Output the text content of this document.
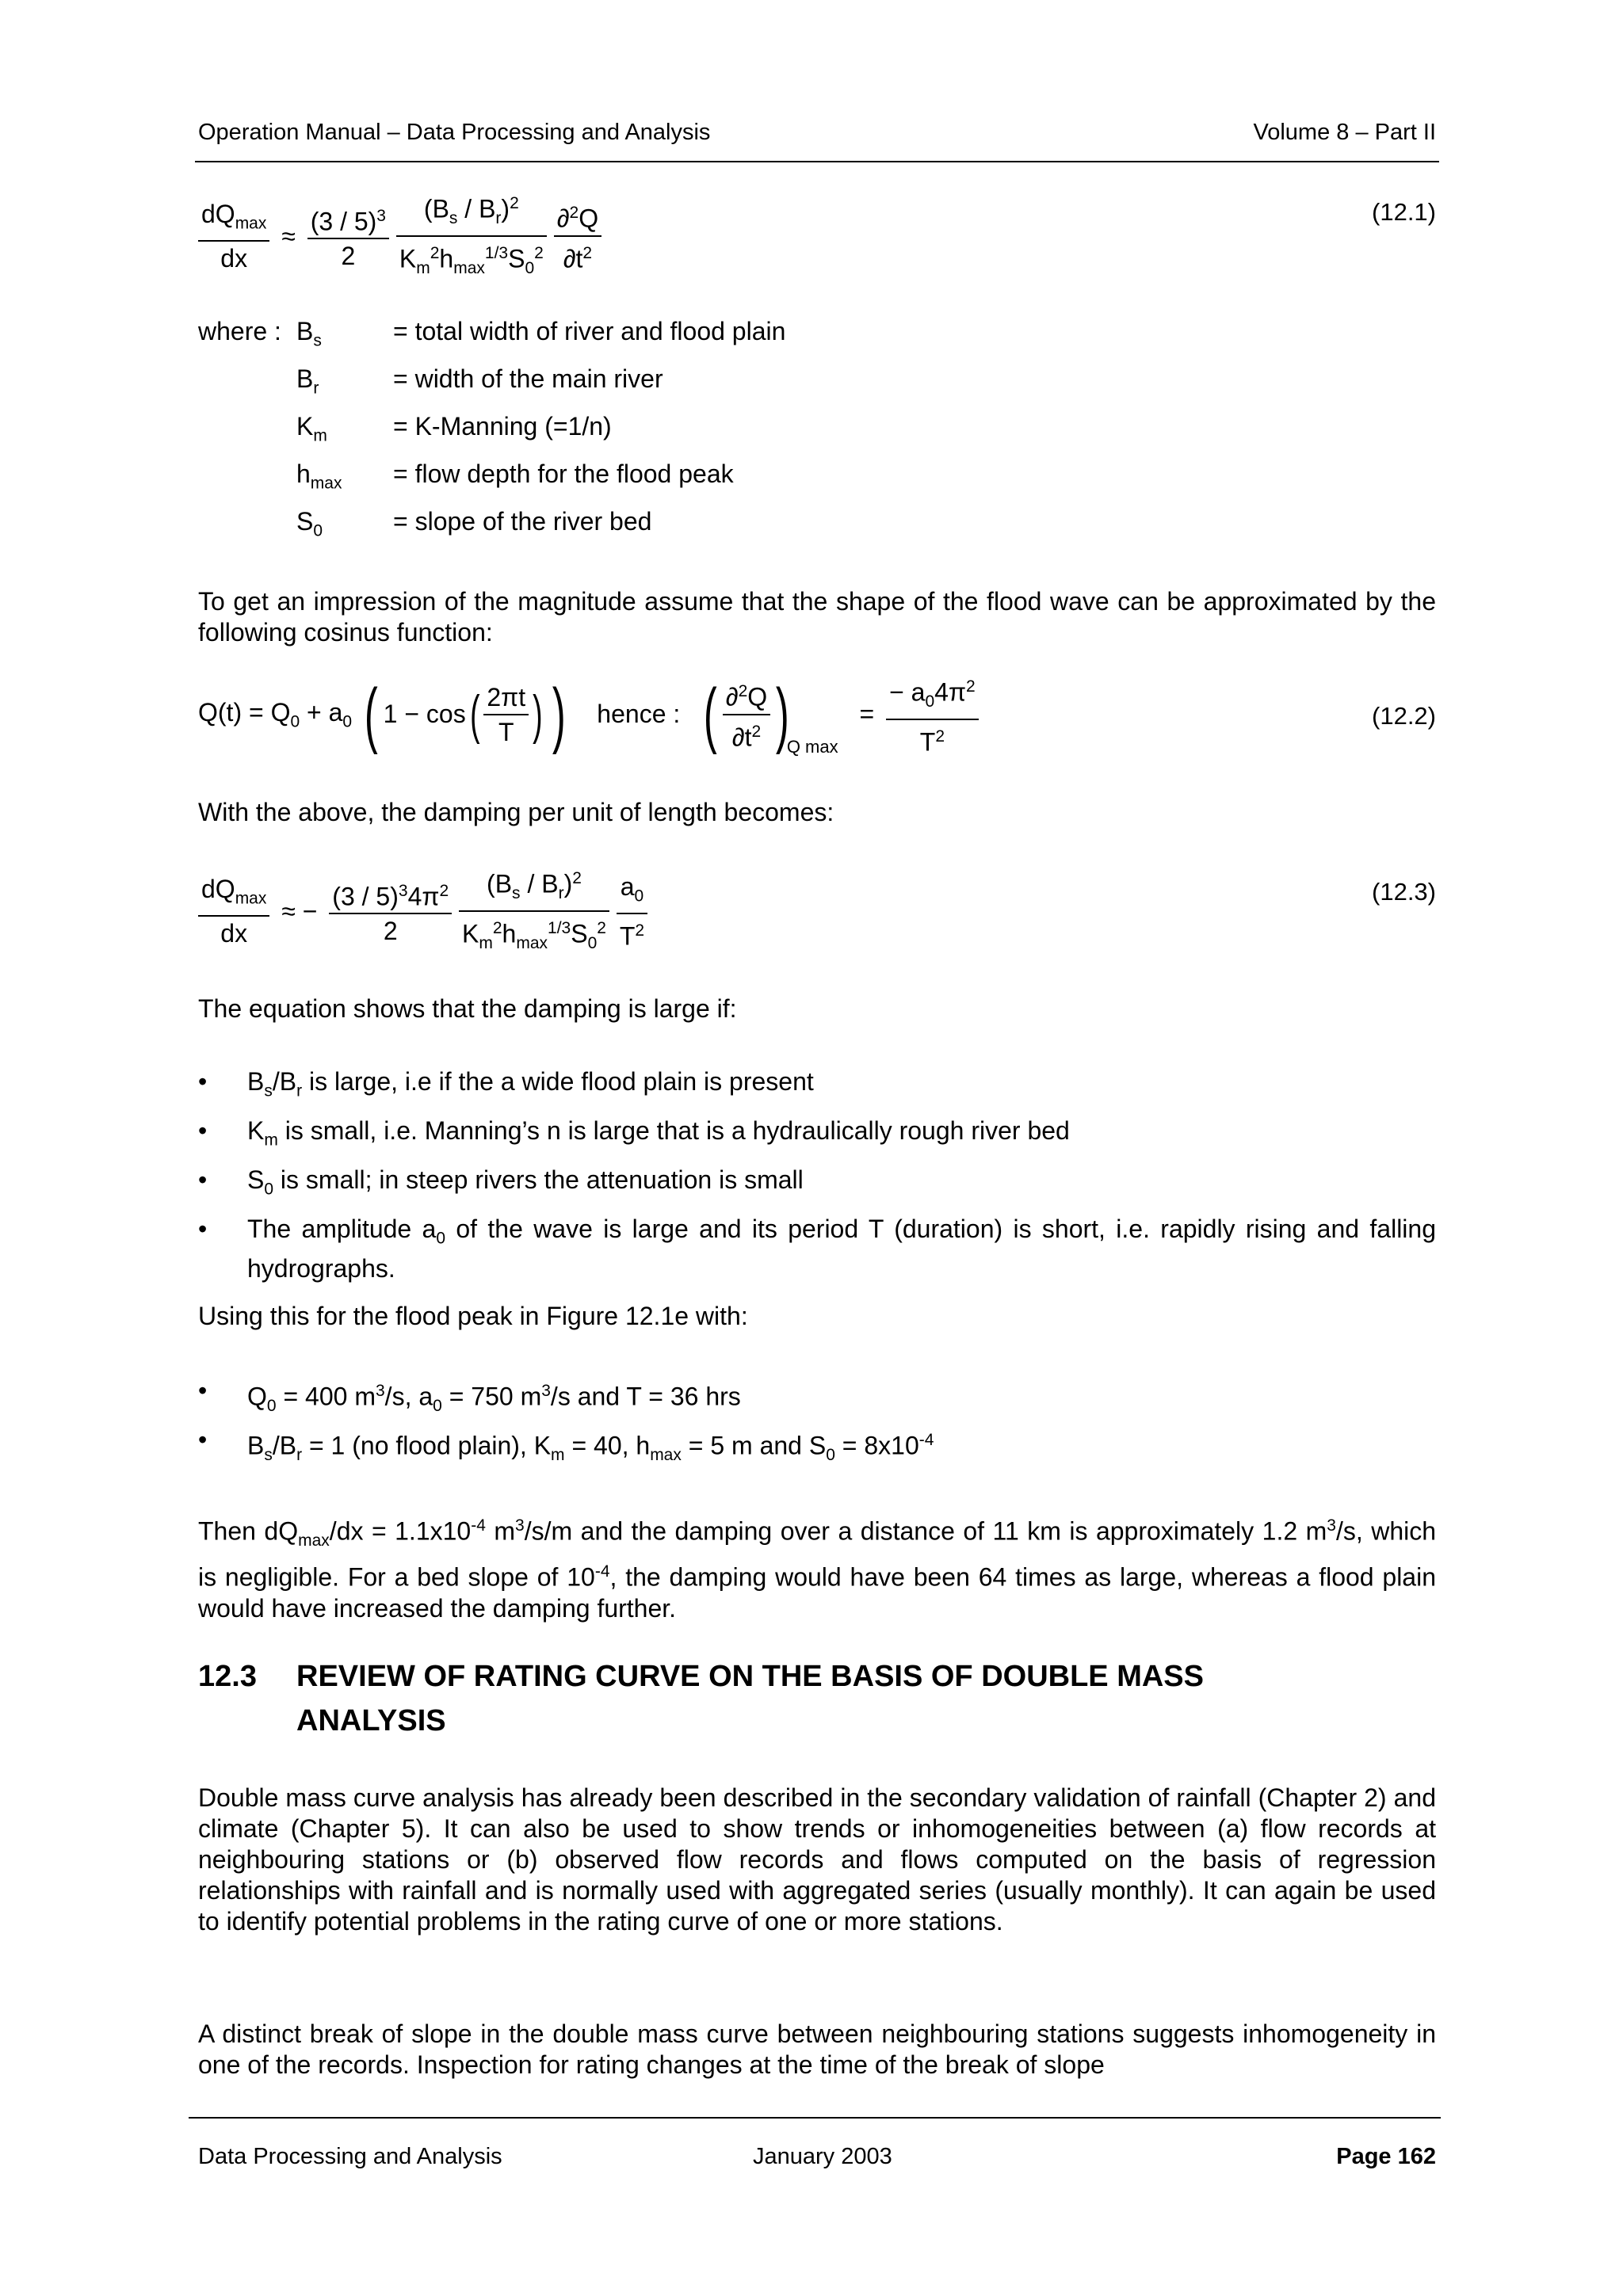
Operation Manual – Data Processing and Analysis	Volume 8 – Part II
$\frac{dQ_{max}}{dx} \approx \frac{(3 / 5)^3}{2}$
$\frac{(B_s / B_r)^2}{K_m^2h_{max}^{1/3}S_0^2}$
$\frac{\partial^2Q}{\partial t^2}$	(12.1)
where : $B_s$	= total width of river and flood plain
$B_r$	= width of the main river
$K_m$	= K-Manning (=1/n)
$h_{max}$ = flow depth for the flood peak
$S_0$	= slope of the river bed
To get an impression of the magnitude assume that the shape of the flood wave can be approximated by the following cosinus function:
$Q(t) = Q_0 + a_0$ ( $1 - \cos( \frac{2\pi t}{T}$ ) ) hence : ( $\frac{\partial^2Q}{\partial t^2} )Q$ $\max = \frac{- a_04\pi^2}{T^2}$	(12.2)
With the above, the damping per unit of length becomes:
$\frac{dQ_{max}}{dx}$ ≈ − $\frac{(3 / 5)^34\pi^2}{2}$
$\frac{(B_s / B_r)^2}{K_m^2h_{max}^{1/3}S_0^2}$
$\frac{a_0}{T^2}$	(12.3)
The equation shows that the damping is large if:
•	$B_s/B_r$ is large, i.e if the a wide flood plain is present
•	$K_m$ is small, i.e. Manning’s n is large that is a hydraulically rough river bed
•	$S_0$ is small; in steep rivers the attenuation is small
•	The amplitude $a_0$ of the wave is large and its period T (duration) is short, i.e. rapidly rising and falling hydrographs.
Using this for the flood peak in Figure 12.1e with:
•	$Q_0 = 400$ $m^3/s$, $a_0 = 750$ $m^3/s$ and T = 36 hrs
•	$B_s/B_r = 1$ (no flood plain), $K_m = 40$, $h_{max} = 5$ m and $S_0 = 8x10^{-4}$
Then $dQ_{max}/dx = 1.1x10^{-4}$ $m^3/s/m$ and the damping over a distance of 11 km is approximately 1.2 $m^3/s$, which is negligible. For a bed slope of $10^{-4}$, the damping would have been 64 times as large, whereas a flood plain would have increased the damping further.
12.3 REVIEW OF RATING CURVE ON THE BASIS OF DOUBLE MASS ANALYSIS
Double mass curve analysis has already been described in the secondary validation of rainfall (Chapter 2) and climate (Chapter 5). It can also be used to show trends or inhomogeneities between (a) flow records at neighbouring stations or (b) observed flow records and flows computed on the basis of regression relationships with rainfall and is normally used with aggregated series (usually monthly). It can again be used to identify potential problems in the rating curve of one or more stations.
A distinct break of slope in the double mass curve between neighbouring stations suggests inhomogeneity in one of the records. Inspection for rating changes at the time of the break of slope
Data Processing and Analysis	January 2003	Page 162
